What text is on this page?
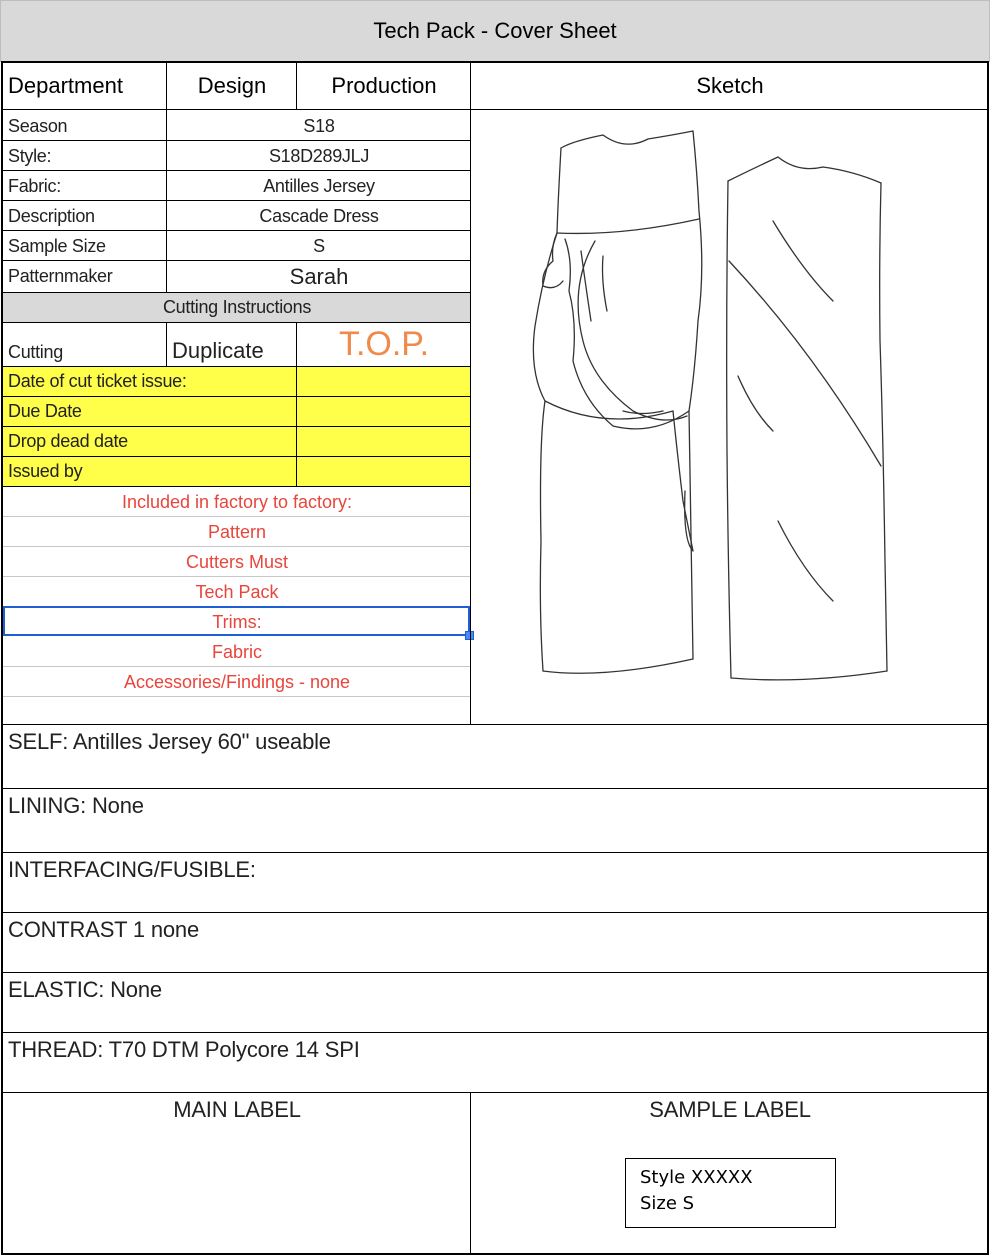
Tech Pack - Cover Sheet
Department	Design	Production	Sketch
Season	S18
Style:	S18D289JLJ
Fabric:	Antilles Jersey
Description	Cascade Dress
Sample Size	S
Patternmaker	Sarah
Cutting Instructions
Cutting	Duplicate	T.O.P.
Date of cut ticket issue:
Due Date
Drop dead date
Issued by
Included in factory to factory:
Pattern
Cutters Must
Tech Pack
Trims:
Fabric
Accessories/Findings - none
SELF: Antilles Jersey 60" useable
LINING: None
INTERFACING/FUSIBLE:
CONTRAST 1 none
ELASTIC: None
THREAD: T70 DTM Polycore 14 SPI
MAIN LABEL	SAMPLE LABEL
Style XXXXX
Size S
